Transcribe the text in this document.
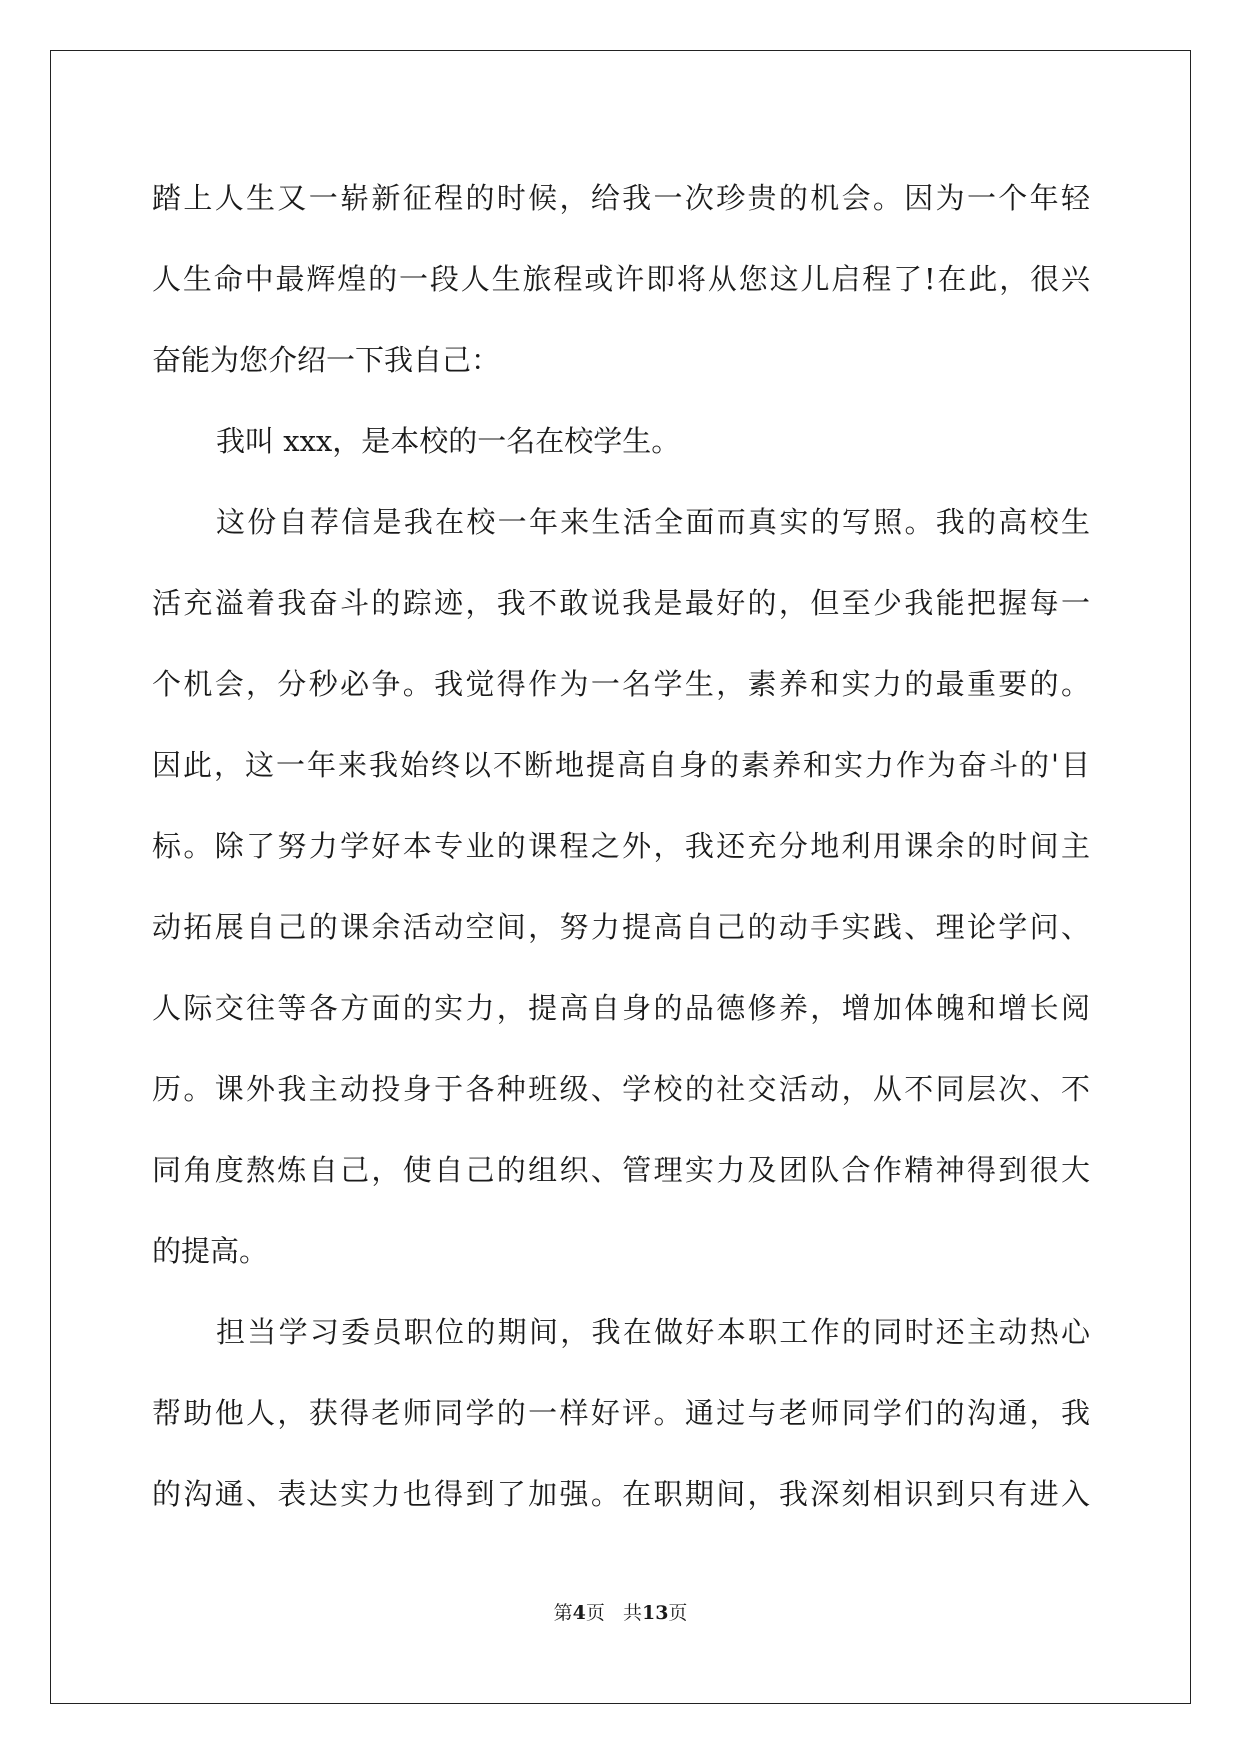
踏上人生又一崭新征程的时候，给我一次珍贵的机会。因为一个年轻
人生命中最辉煌的一段人生旅程或许即将从您这儿启程了!在此，很兴
奋能为您介绍一下我自己：
我叫 xxx，是本校的一名在校学生。
这份自荐信是我在校一年来生活全面而真实的写照。我的高校生
活充溢着我奋斗的踪迹，我不敢说我是最好的，但至少我能把握每一
个机会，分秒必争。我觉得作为一名学生，素养和实力的最重要的。
因此，这一年来我始终以不断地提高自身的素养和实力作为奋斗的'目
标。除了努力学好本专业的课程之外，我还充分地利用课余的时间主
动拓展自己的课余活动空间，努力提高自己的动手实践、理论学问、
人际交往等各方面的实力，提高自身的品德修养，增加体魄和增长阅
历。课外我主动投身于各种班级、学校的社交活动，从不同层次、不
同角度熬炼自己，使自己的组织、管理实力及团队合作精神得到很大
的提高。
担当学习委员职位的期间，我在做好本职工作的同时还主动热心
帮助他人，获得老师同学的一样好评。通过与老师同学们的沟通，我
的沟通、表达实力也得到了加强。在职期间，我深刻相识到只有进入
第4页 共13页
